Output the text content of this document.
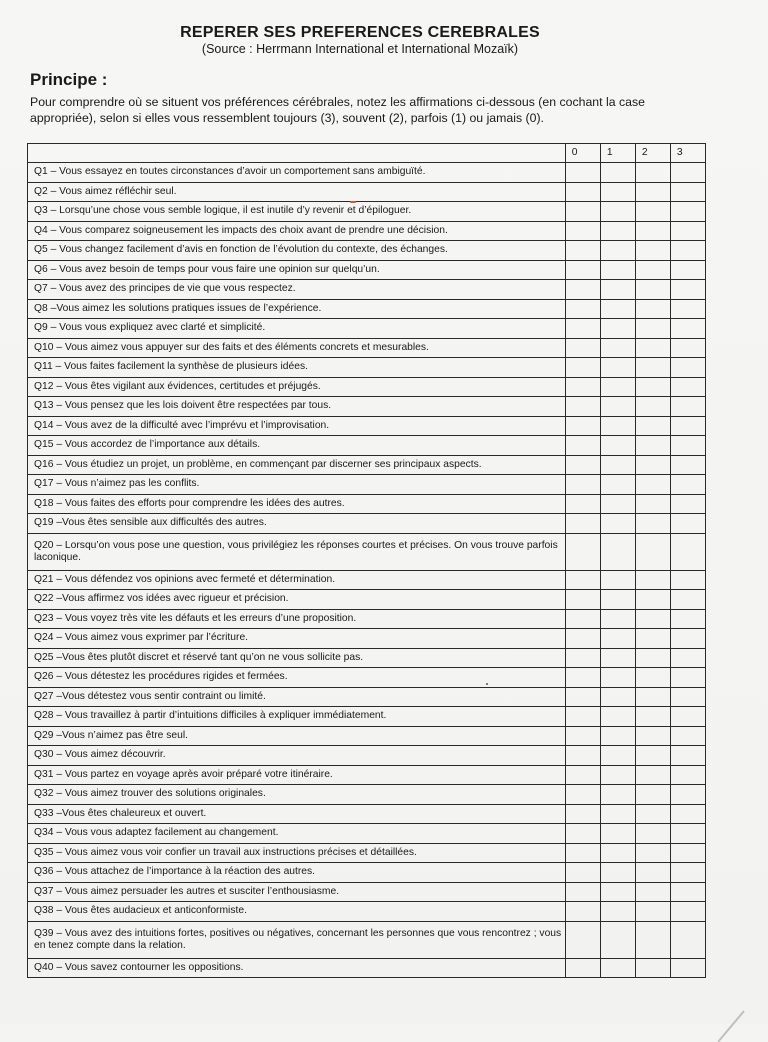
REPERER SES PREFERENCES CEREBRALES
(Source : Herrmann International et International Mozaïk)
Principe :
Pour comprendre où se situent vos préférences cérébrales, notez les affirmations ci-dessous (en cochant la case appropriée), selon si elles vous ressemblent toujours (3), souvent (2), parfois (1) ou jamais (0).
	0	1	2	3
Q1 – Vous essayez en toutes circonstances d’avoir un comportement sans ambiguïté.				
Q2 – Vous aimez réfléchir seul.				
Q3 – Lorsqu’une chose vous semble logique, il est inutile d’y revenir et d’épiloguer.				
Q4 – Vous comparez soigneusement les impacts des choix avant de prendre une décision.				
Q5 – Vous changez facilement d’avis en fonction de l’évolution du contexte, des échanges.				
Q6 – Vous avez besoin de temps pour vous faire une opinion sur quelqu’un.				
Q7 – Vous avez des principes de vie que vous respectez.				
Q8 –Vous aimez les solutions pratiques issues de l’expérience.				
Q9 – Vous vous expliquez avec clarté et simplicité.				
Q10 – Vous aimez vous appuyer sur des faits et des éléments concrets et mesurables.				
Q11 – Vous faites facilement la synthèse de plusieurs idées.				
Q12 – Vous êtes vigilant aux évidences, certitudes et préjugés.				
Q13 – Vous pensez que les lois doivent être respectées par tous.				
Q14 – Vous avez de la difficulté avec l’imprévu et l’improvisation.				
Q15 – Vous accordez de l’importance aux détails.				
Q16 – Vous étudiez un projet, un problème, en commençant par discerner ses principaux aspects.				
Q17 – Vous n’aimez pas les conflits.				
Q18 – Vous faites des efforts pour comprendre les idées des autres.				
Q19 –Vous êtes sensible aux difficultés des autres.				
Q20 – Lorsqu’on vous pose une question, vous privilégiez les réponses courtes et précises. On vous trouve parfois laconique.				
Q21 – Vous défendez vos opinions avec fermeté et détermination.				
Q22 –Vous affirmez vos idées avec rigueur et précision.				
Q23 – Vous voyez très vite les défauts et les erreurs d’une proposition.				
Q24 – Vous aimez vous exprimer par l’écriture.				
Q25 –Vous êtes plutôt discret et réservé tant qu’on ne vous sollicite pas.				
Q26 – Vous détestez les procédures rigides et fermées.				
Q27 –Vous détestez vous sentir contraint ou limité.				
Q28 – Vous travaillez à partir d’intuitions difficiles à expliquer immédiatement.				
Q29 –Vous n’aimez pas être seul.				
Q30 – Vous aimez découvrir.				
Q31 – Vous partez en voyage après avoir préparé votre itinéraire.				
Q32 – Vous aimez trouver des solutions originales.				
Q33 –Vous êtes chaleureux et ouvert.				
Q34 – Vous vous adaptez facilement au changement.				
Q35 – Vous aimez vous voir confier un travail aux instructions précises et détaillées.				
Q36 – Vous attachez de l’importance à la réaction des autres.				
Q37 – Vous aimez persuader les autres et susciter l’enthousiasme.				
Q38 – Vous êtes audacieux et anticonformiste.				
Q39 – Vous avez des intuitions fortes, positives ou négatives, concernant les personnes que vous rencontrez ; vous en tenez compte dans la relation.				
Q40 – Vous savez contourner les oppositions.				
